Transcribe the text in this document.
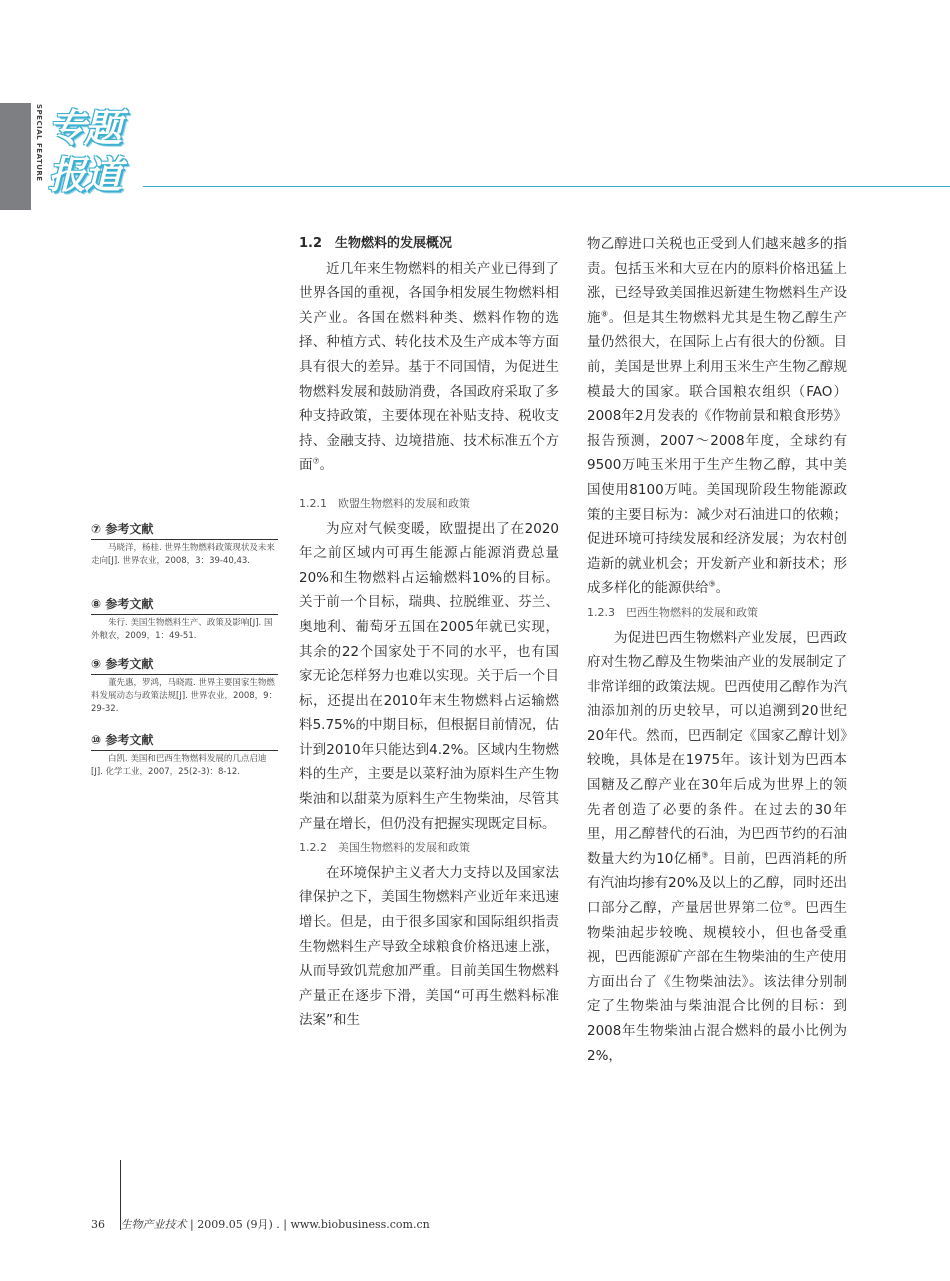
SPECIAL FEATURE 专题
报道

1.2　生物燃料的发展概况

近几年来生物燃料的相关产业已得到了世界各国的重视，各国争相发展生物燃料相关产业。各国在燃料种类、燃料作物的选择、种植方式、转化技术及生产成本等方面具有很大的差异。基于不同国情，为促进生物燃料发展和鼓励消费，各国政府采取了多种支持政策，主要体现在补贴支持、税收支持、金融支持、边境措施、技术标准五个方面⑦。

1.2.1　欧盟生物燃料的发展和政策

为应对气候变暖，欧盟提出了在2020年之前区域内可再生能源占能源消费总量20%和生物燃料占运输燃料10%的目标。关于前一个目标，瑞典、拉脱维亚、芬兰、奥地利、葡萄牙五国在2005年就已实现，其余的22个国家处于不同的水平，也有国家无论怎样努力也难以实现。关于后一个目标，还提出在2010年末生物燃料占运输燃料5.75%的中期目标，但根据目前情况，估计到2010年只能达到4.2%。区域内生物燃料的生产，主要是以菜籽油为原料生产生物柴油和以甜菜为原料生产生物柴油，尽管其产量在增长，但仍没有把握实现既定目标。

1.2.2　美国生物燃料的发展和政策

在环境保护主义者大力支持以及国家法律保护之下，美国生物燃料产业近年来迅速增长。但是，由于很多国家和国际组织指责生物燃料生产导致全球粮食价格迅速上涨，从而导致饥荒愈加严重。目前美国生物燃料产量正在逐步下滑，美国“可再生燃料标准法案”和生

物乙醇进口关税也正受到人们越来越多的指责。包括玉米和大豆在内的原料价格迅猛上涨，已经导致美国推迟新建生物燃料生产设施⑧。但是其生物燃料尤其是生物乙醇生产量仍然很大，在国际上占有很大的份额。目前，美国是世界上利用玉米生产生物乙醇规模最大的国家。联合国粮农组织（FAO）2008年2月发表的《作物前景和粮食形势》报告预测，2007～2008年度，全球约有9500万吨玉米用于生产生物乙醇，其中美国使用8100万吨。美国现阶段生物能源政策的主要目标为：减少对石油进口的依赖；促进环境可持续发展和经济发展；为农村创造新的就业机会；开发新产业和新技术；形成多样化的能源供给⑨。

1.2.3　巴西生物燃料的发展和政策

为促进巴西生物燃料产业发展，巴西政府对生物乙醇及生物柴油产业的发展制定了非常详细的政策法规。巴西使用乙醇作为汽油添加剂的历史较早，可以追溯到20世纪20年代。然而，巴西制定《国家乙醇计划》较晚，具体是在1975年。该计划为巴西本国糖及乙醇产业在30年后成为世界上的领先者创造了必要的条件。在过去的30年里，用乙醇替代的石油，为巴西节约的石油数量大约为10亿桶⑨。目前，巴西消耗的所有汽油均掺有20%及以上的乙醇，同时还出口部分乙醇，产量居世界第二位⑩。巴西生物柴油起步较晚、规模较小，但也备受重视，巴西能源矿产部在生物柴油的生产使用方面出台了《生物柴油法》。该法律分别制定了生物柴油与柴油混合比例的目标：到2008年生物柴油占混合燃料的最小比例为2%，

⑦ 参考文献

马晓洋，杨桂. 世界生物燃料政策现状及未来走向[J]. 世界农业，2008，3：39-40,43.

⑧ 参考文献

朱行. 美国生物燃料生产、政策及影响[J]. 国外粮农，2009，1：49-51.

⑨ 参考文献

董先惠，罗鸿，马晓霞. 世界主要国家生物燃料发展动态与政策法规[J]. 世界农业，2008，9：29-32.

⑩ 参考文献

白凯. 美国和巴西生物燃料发展的几点启迪[J]. 化学工业，2007，25(2-3)：8-12.

36 生物产业技术 | 2009.05 (9月) . | www.biobusiness.com.cn
